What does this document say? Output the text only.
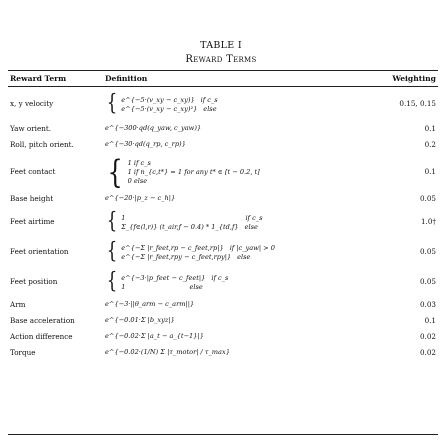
TABLE I
Reward Terms
Reward Term	Definition	Weighting
x, y velocity	{ e^{−5·(v_xy − c_xy)} if c_s
e^{−5·(v_xy − c_xy)²} else	0.15, 0.15
Yaw orient.	e^{−300·qd(q_yaw, c_yaw)}	0.1
Roll, pitch orient.	e^{−30·qd(q_rp, c_rp)}	0.2
Feet contact	{ 1 if c_s
1 if n_{c,t*} = 1 for any t* ∈ [t − 0.2, t]
0 else	0.1
Base height	e^{−20·|p_z − c_h|}	0.05
Feet airtime	{ 1 if c_s
Σ_{f∈(l,r)} (t_air,f − 0.4) * 1_{td,f} else	1.0†
Feet orientation	{ e^{−Σ |r_feet,rp − c_feet,rp|} if |c_yaw| > 0
e^{−Σ |r_feet,rpy − c_feet,rpy|} else	0.05
Feet position	{ e^{−3·|p_feet − c_feet|} if c_s
1 else	0.05
Arm	e^{−3·||θ_arm − c_arm||}	0.03
Base acceleration	e^{−0.01·Σ |b_xyz|}	0.1
Action difference	e^{−0.02·Σ |a_t − a_{t−1}|}	0.02
Torque	e^{−0.02·(1/N) Σ |τ_motor| / τ_max}	0.02
